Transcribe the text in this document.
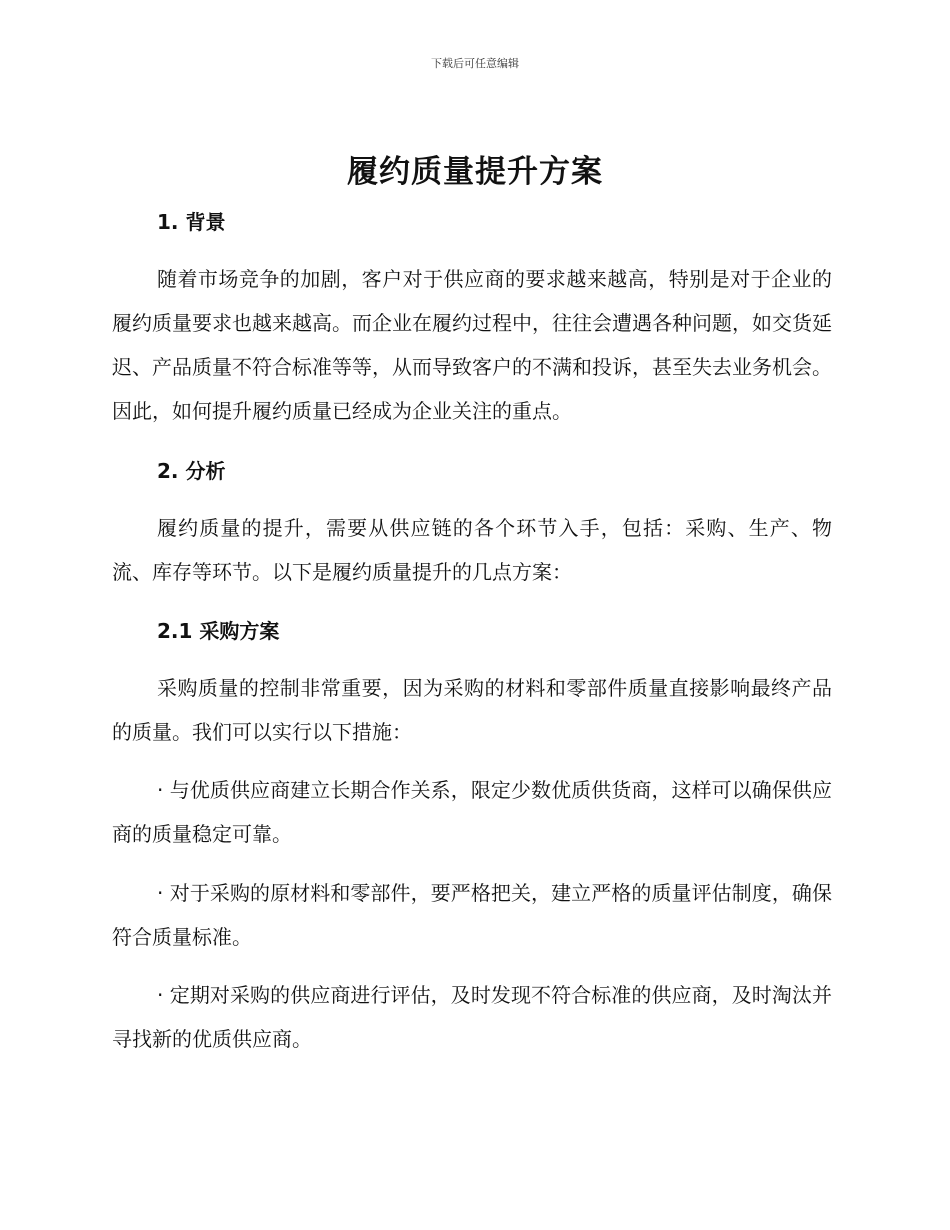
下载后可任意编辑
履约质量提升方案
1. 背景

随着市场竞争的加剧，客户对于供应商的要求越来越高，特别是对于企业的履约质量要求也越来越高。而企业在履约过程中，往往会遭遇各种问题，如交货延迟、产品质量不符合标准等等，从而导致客户的不满和投诉，甚至失去业务机会。因此，如何提升履约质量已经成为企业关注的重点。

2. 分析

履约质量的提升，需要从供应链的各个环节入手，包括：采购、生产、物流、库存等环节。以下是履约质量提升的几点方案：

2.1 采购方案

采购质量的控制非常重要，因为采购的材料和零部件质量直接影响最终产品的质量。我们可以实行以下措施：

· 与优质供应商建立长期合作关系，限定少数优质供货商，这样可以确保供应商的质量稳定可靠。

· 对于采购的原材料和零部件，要严格把关，建立严格的质量评估制度，确保符合质量标准。

· 定期对采购的供应商进行评估，及时发现不符合标准的供应商，及时淘汰并寻找新的优质供应商。
